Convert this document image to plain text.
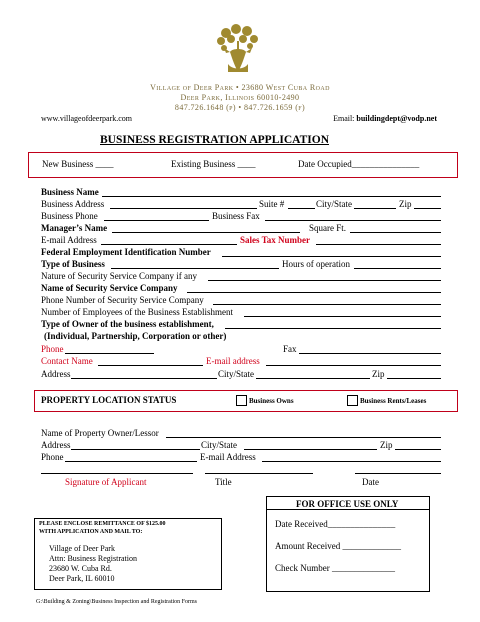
Village of Deer Park • 23680 West Cuba Road
Deer Park, Illinois 60010-2490
847.726.1648 (p) • 847.726.1659 (f)
www.villageofdeerpark.com	Email: buildingdept@vodp.net
BUSINESS REGISTRATION APPLICATION
New Business ____	Existing Business ____	Date Occupied_______________
Business Name
Business Address	Suite #	City/State	Zip
Business Phone	Business Fax
Manager’s Name	Square Ft.
E-mail Address	Sales Tax Number
Federal Employment Identification Number
Type of Business	Hours of operation
Nature of Security Service Company if any
Name of Security Service Company
Phone Number of Security Service Company
Number of Employees of the Business Establishment
Type of Owner of the business establishment,
(Individual, Partnership, Corporation or other)
Phone	Fax
Contact Name	E-mail address
Address	City/State	Zip
PROPERTY LOCATION STATUS	Business Owns	Business Rents/Leases
Name of Property Owner/Lessor
Address	City/State	Zip
Phone	E-mail Address
Signature of Applicant	Title	Date
PLEASE ENCLOSE REMITTANCE OF $125.00
WITH APPLICATION AND MAIL TO:
Village of Deer Park
Attn: Business Registration
23680 W. Cuba Rd.
Deer Park, IL 60010
FOR OFFICE USE ONLY
Date Received_______________
Amount Received _____________
Check Number ______________
G:\Building & Zoning\Business Inspection and Registration Forms
